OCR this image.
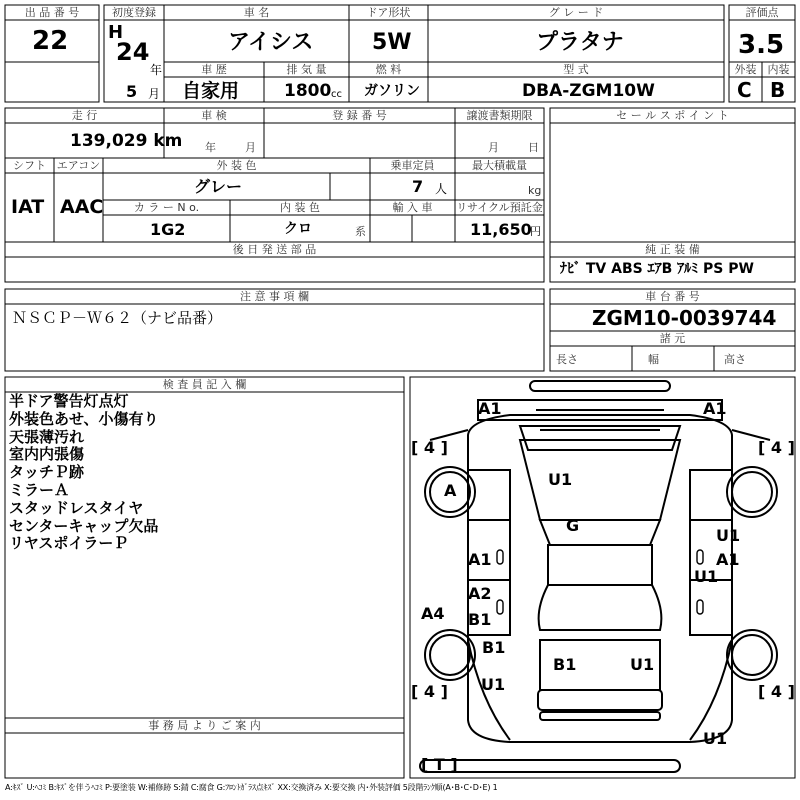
出 品 番 号
22
初度登録
H
24
年
5 月
車 名
アイシス
ドア形状
5W
グ レ ー ド
プラタナ
評価点
3.5
車 歴
自家用
排 気 量
1800 cc
燃 料
ガソリン
型 式
DBA-ZGM10W
外装	内装
C B
走 行
139,029 km
車 検
年	月
登 録 番 号	譲渡書類期限
月	日
セ ー ル ス ポ イ ン ト
シフト エアコン
IAT AAC
外 装 色
グレー
乗車定員
7 人
最大積載量
kg
カ ラ ー N o.
1G2
内 装 色
クロ	系
輸 入 車	リサイクル預託金
11,650
円
後 日 発 送 部 品	純 正 装 備
ﾅﾋﾞ TV ABS ｴｱB ｱﾙﾐ PS PW
注 意 事 項 欄
ＮＳＣＰ－Ｗ６２（ナビ品番）
車 台 番 号
ZGM10-0039744
諸 元
長さ	幅	高さ
検 査 員 記 入 欄
半ドア警告灯点灯
外装色あせ、小傷有り
天張薄汚れ
室内内張傷
タッチＰ跡
ミラーＡ
スタッドレスタイヤ
センターキャップ欠品
リヤスポイラーＰ
事 務 局 よ り ご 案 内
A1	A1
[ 4 ]	[ 4 ]
A
U1
G
A1
U1
A1
U1
A2
B1
A4
B1
[ 4 ]	[ 4 ]
U1
B1	U1
U1
[ T ]
A:ｷｽﾞ U:ﾍｺﾐ B:ｷｽﾞを伴うﾍｺﾐ P:要塗装 W:補修跡 S:錆 C:腐食 G:ﾌﾛﾝﾄｶﾞﾗｽ点ｷｽﾞ XX:交換済み X:要交換 内･外装評価 5段階ﾗﾝｸ順(A･B･C･D･E) 1
